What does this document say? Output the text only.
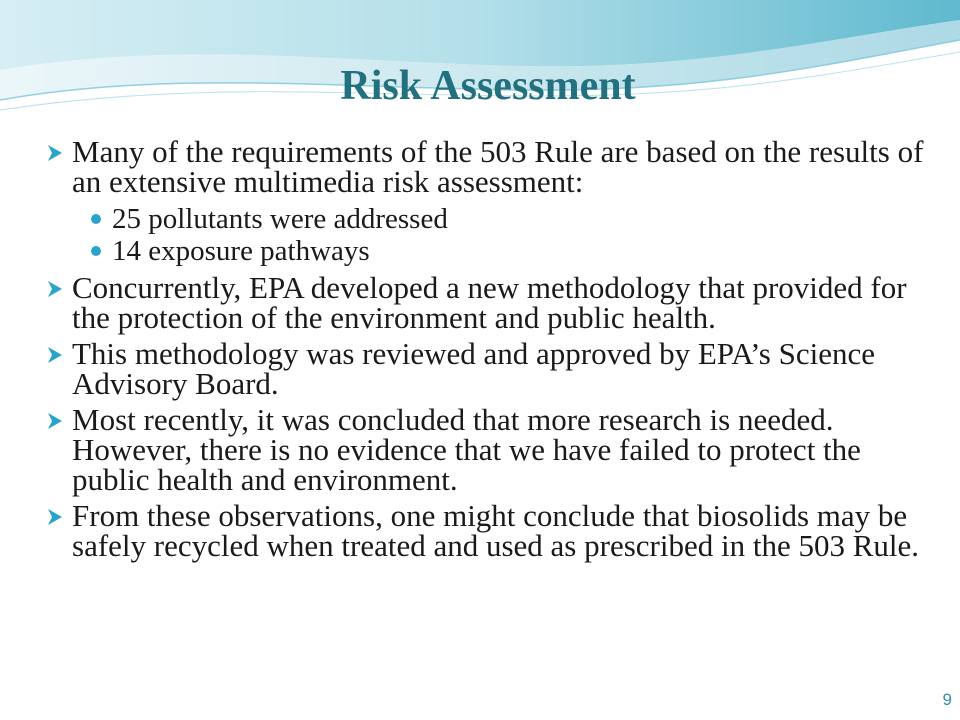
Risk Assessment
Many of the requirements of the 503 Rule are based on the results of an extensive multimedia risk assessment:
25 pollutants were addressed
14 exposure pathways
Concurrently, EPA developed a new methodology that provided for the protection of the environment and public health.
This methodology was reviewed and approved by EPA’s Science Advisory Board.
Most recently, it was concluded that more research is needed. However, there is no evidence that we have failed to protect the public health and environment.
From these observations, one might conclude that biosolids may be safely recycled when treated and used as prescribed in the 503 Rule.
9
